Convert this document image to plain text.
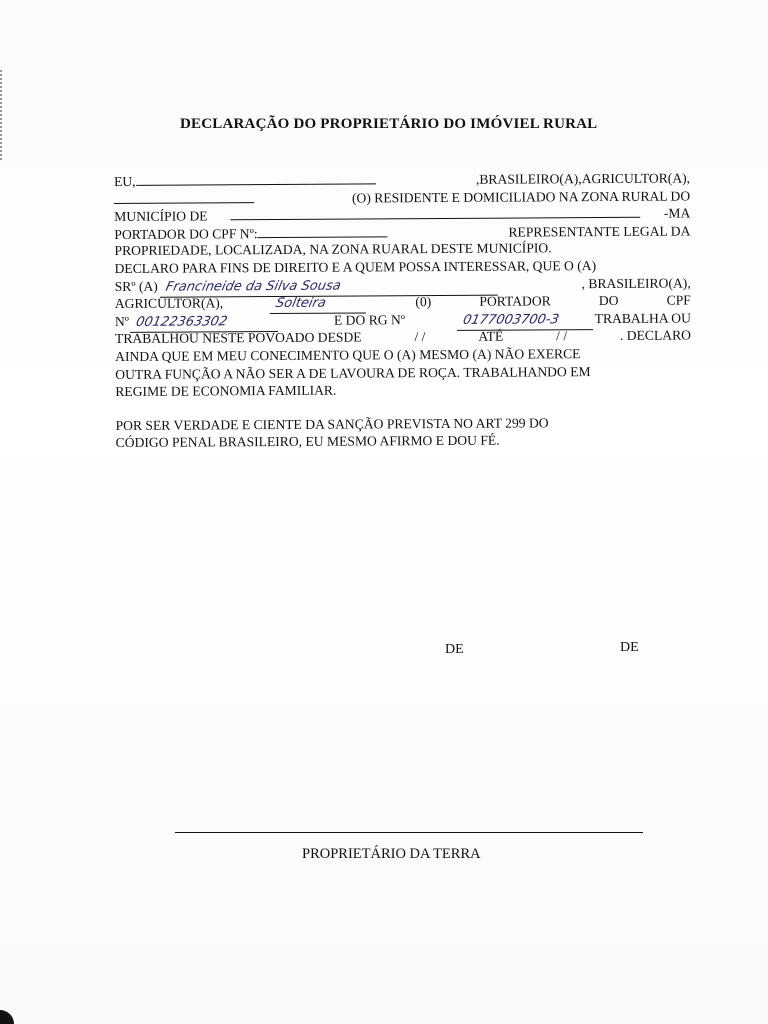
DECLARAÇÃO DO PROPRIETÁRIO DO IMÓVIEL RURAL
EU,	,BRASILEIRO(A),AGRICULTOR(A),
(O) RESIDENTE E DOMICILIADO NA ZONA RURAL DO
MUNICÍPIO DE	-MA
PORTADOR DO CPF Nº:	REPRESENTANTE LEGAL DA
PROPRIEDADE, LOCALIZADA, NA ZONA RUARAL DESTE MUNICÍPIO.
DECLARO PARA FINS DE DIREITO E A QUEM POSSA INTERESSAR, QUE O (A)
SRº (A) Francineide da Silva Sousa	, BRASILEIRO(A),
AGRICULTOR(A),	Solteira	(0)	PORTADOR	DO	CPF
Nº 00122363302	E DO RG Nº	0177003700-3	TRABALHA OU
TRABALHOU NESTE POVOADO DESDE	/ /	ATÉ	/ /	. DECLARO
AINDA QUE EM MEU CONECIMENTO QUE O (A) MESMO (A) NÃO EXERCE
OUTRA FUNÇÃO A NÃO SER A DE LAVOURA DE ROÇA. TRABALHANDO EM
REGIME DE ECONOMIA FAMILIAR.
POR SER VERDADE E CIENTE DA SANÇÃO PREVISTA NO ART 299 DO
CÓDIGO PENAL BRASILEIRO, EU MESMO AFIRMO E DOU FÉ.
DE	DE
PROPRIETÁRIO DA TERRA
